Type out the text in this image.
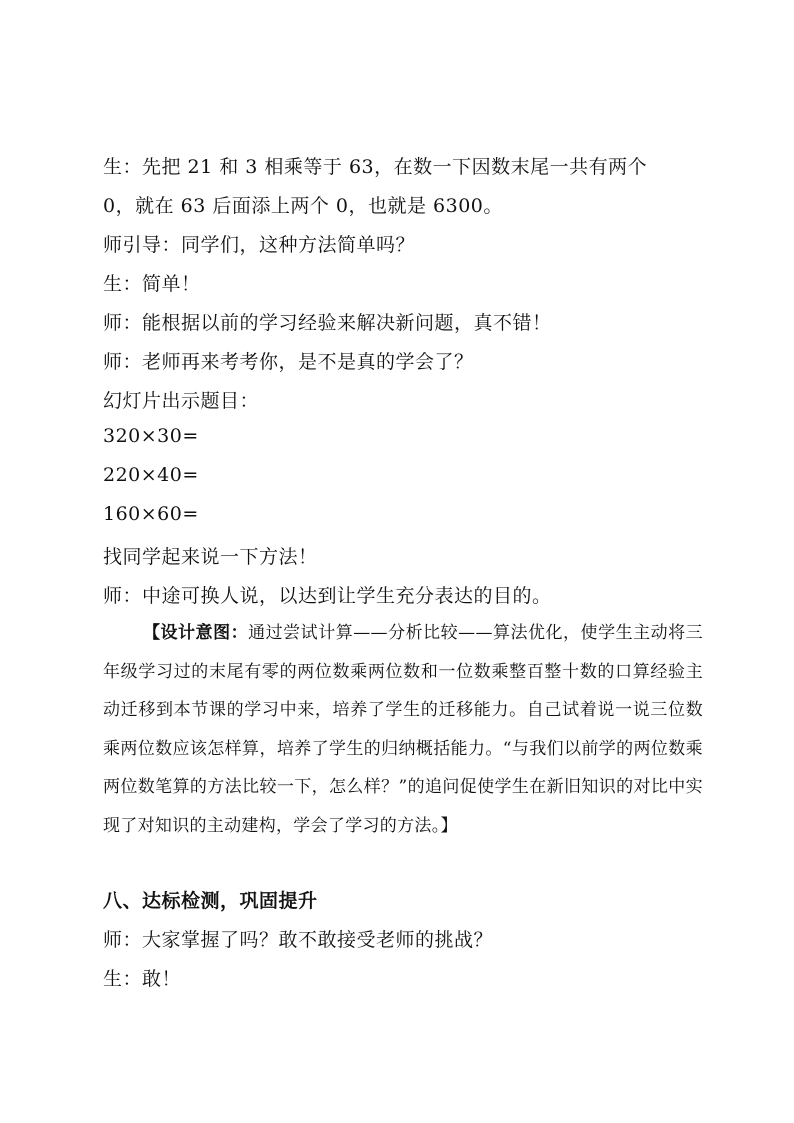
生：先把 21 和 3 相乘等于 63，在数一下因数末尾一共有两个
0，就在 63 后面添上两个 0，也就是 6300。
师引导：同学们，这种方法简单吗？
生：简单！
师：能根据以前的学习经验来解决新问题，真不错！
师：老师再来考考你，是不是真的学会了？
幻灯片出示题目：
320×30=
220×40=
160×60=
找同学起来说一下方法！
师：中途可换人说，以达到让学生充分表达的目的。
【设计意图：通过尝试计算——分析比较——算法优化，使学生主动将三年级学习过的末尾有零的两位数乘两位数和一位数乘整百整十数的口算经验主动迁移到本节课的学习中来，培养了学生的迁移能力。自己试着说一说三位数乘两位数应该怎样算，培养了学生的归纳概括能力。“与我们以前学的两位数乘两位数笔算的方法比较一下，怎么样？”的追问促使学生在新旧知识的对比中实现了对知识的主动建构，学会了学习的方法。】
八、达标检测，巩固提升
师：大家掌握了吗？敢不敢接受老师的挑战？
生：敢！
